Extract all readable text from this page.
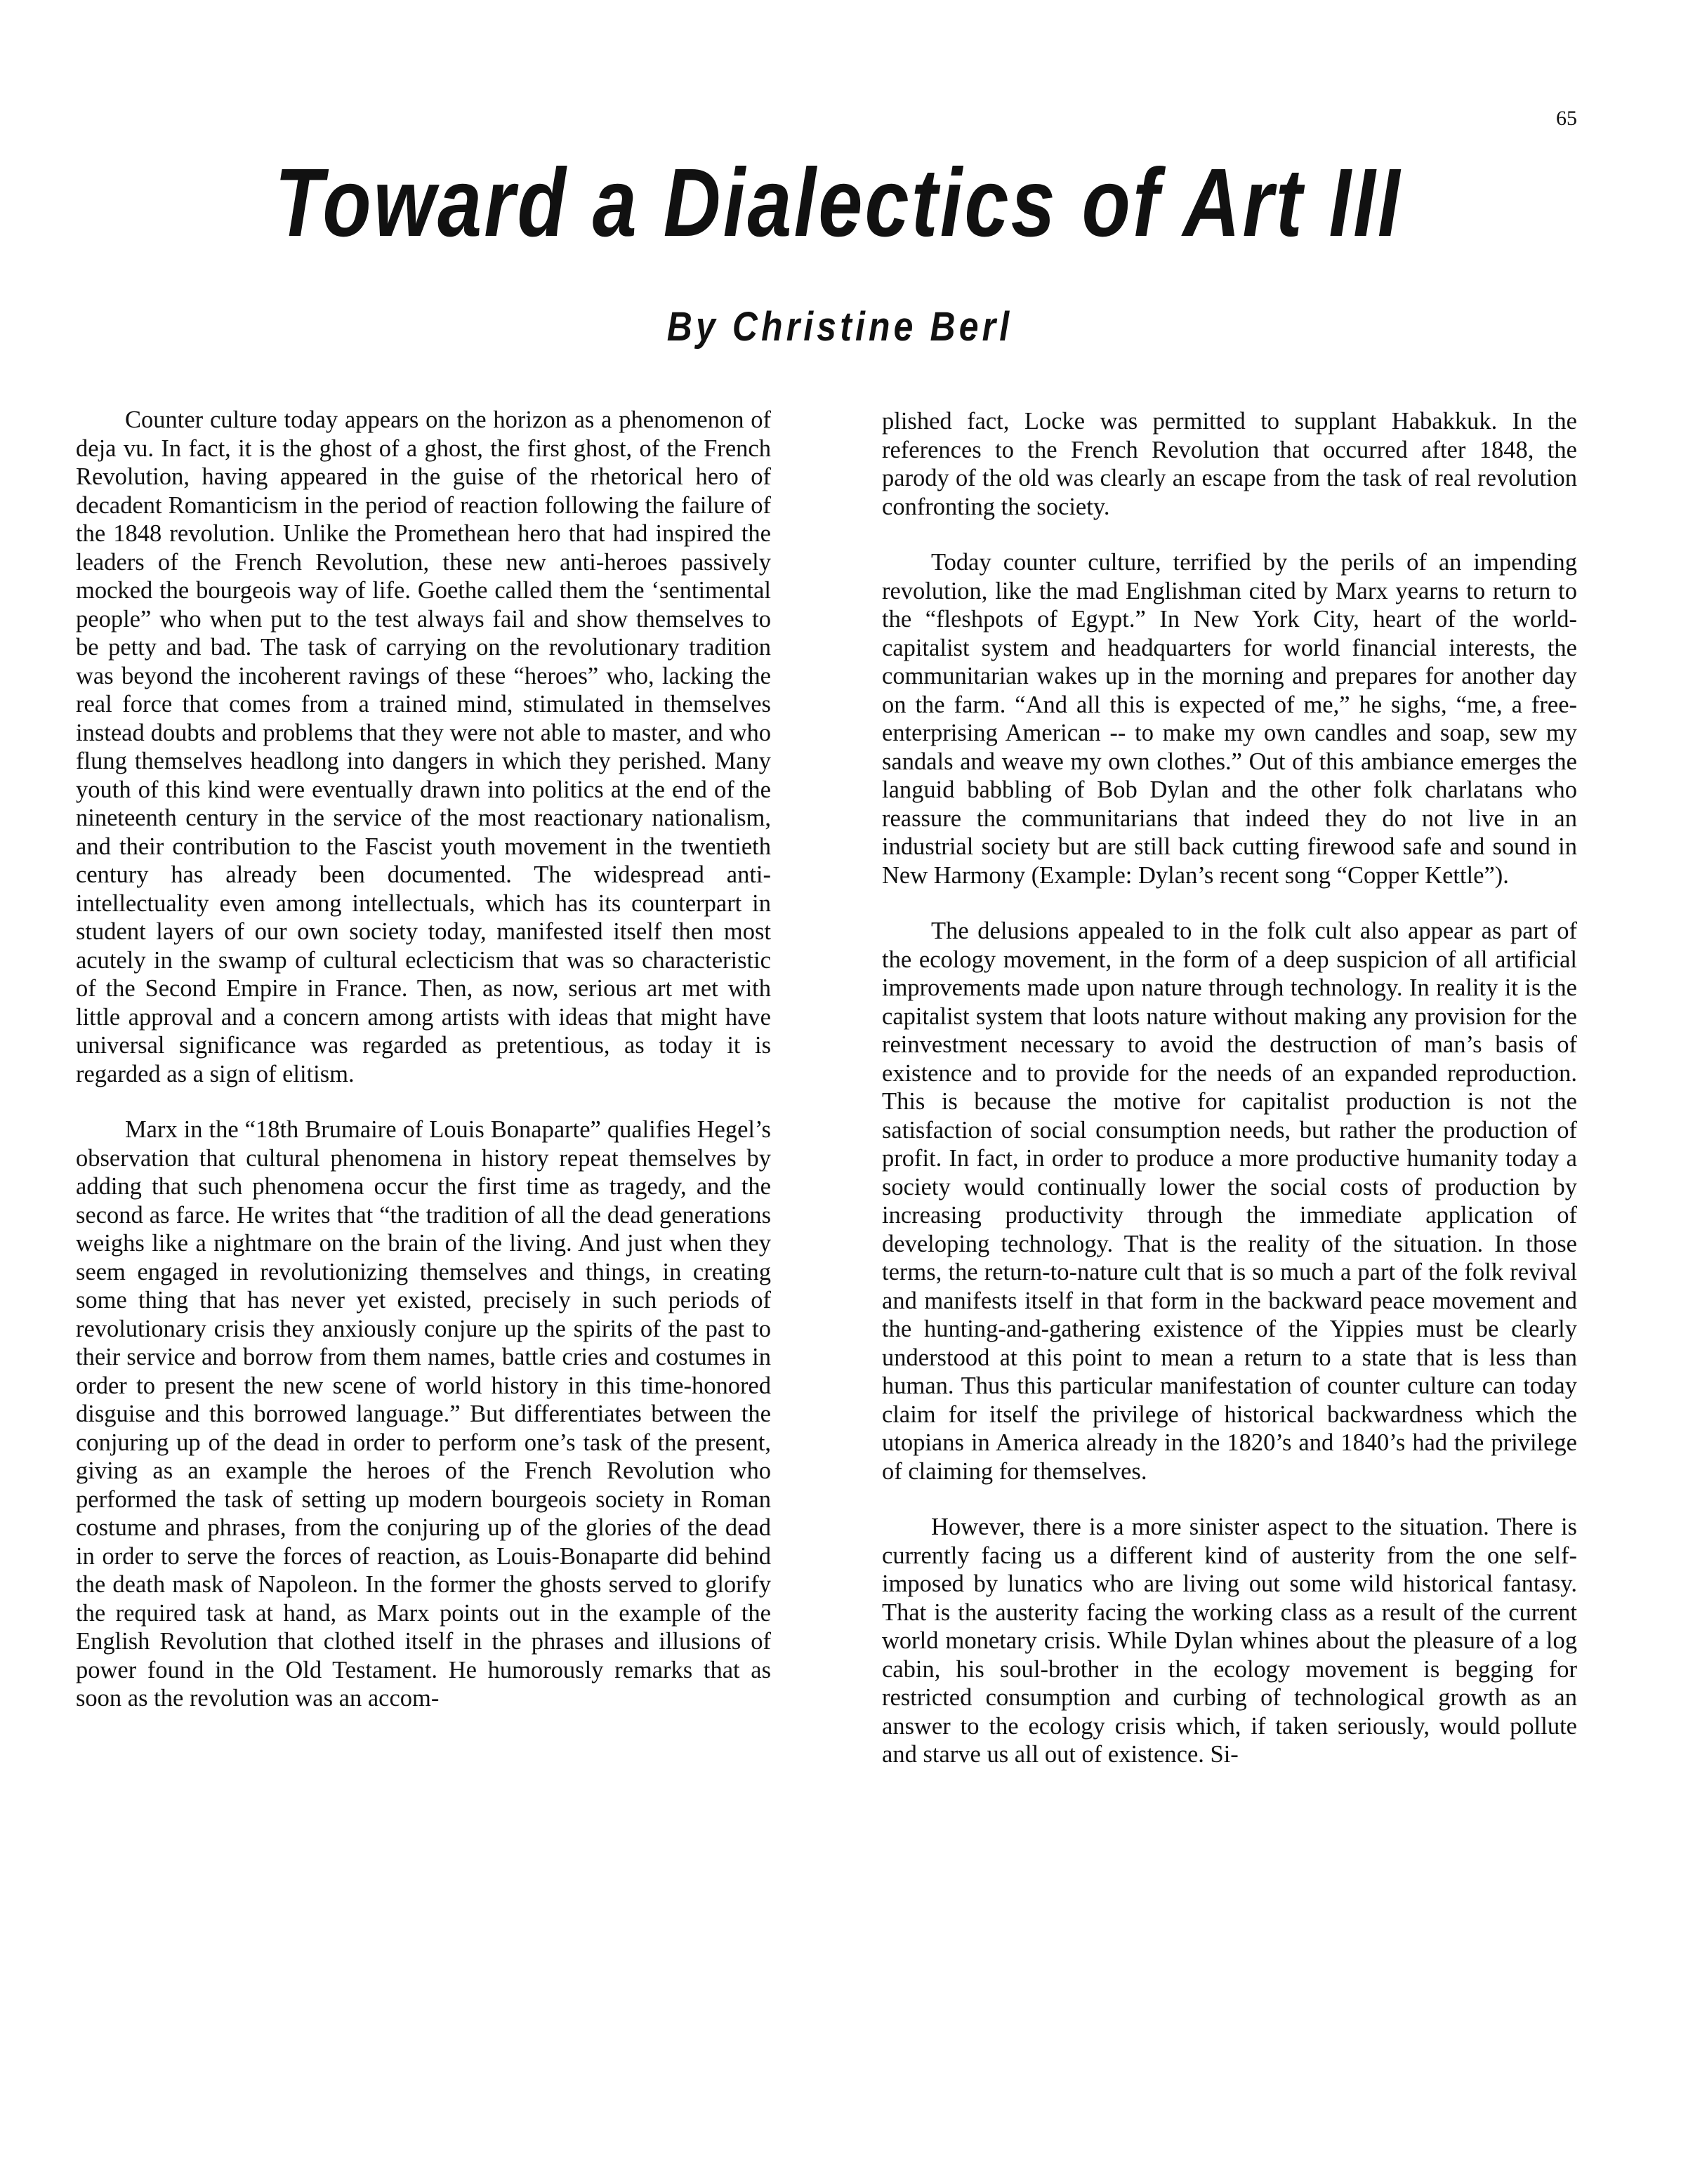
65
Toward a Dialectics of Art III
By Christine Berl

Counter culture today appears on the horizon as a phenomenon of deja vu. In fact, it is the ghost of a ghost, the first ghost, of the French Revolution, having appeared in the guise of the rhetorical hero of decadent Romanticism in the period of reaction following the failure of the 1848 revolution. Unlike the Promethean hero that had inspired the leaders of the French Revolution, these new anti-heroes passively mocked the bourgeois way of life. Goethe called them the ‘sentimental people” who when put to the test always fail and show themselves to be petty and bad. The task of carrying on the revolutionary tradition was beyond the incoherent ravings of these “heroes” who, lacking the real force that comes from a trained mind, stimulated in themselves instead doubts and problems that they were not able to master, and who flung themselves headlong into dangers in which they perished. Many youth of this kind were eventually drawn into politics at the end of the nineteenth century in the service of the most reactionary nationalism, and their contribution to the Fascist youth movement in the twentieth century has already been documented. The widespread anti-intellectuality even among intellectuals, which has its counterpart in student layers of our own society today, manifested itself then most acutely in the swamp of cultural eclecticism that was so characteristic of the Second Empire in France. Then, as now, serious art met with little approval and a concern among artists with ideas that might have universal significance was regarded as pretentious, as today it is regarded as a sign of elitism.

Marx in the “18th Brumaire of Louis Bonaparte” qualifies Hegel’s observation that cultural phenomena in history repeat themselves by adding that such phenomena occur the first time as tragedy, and the second as farce. He writes that “the tradition of all the dead generations weighs like a nightmare on the brain of the living. And just when they seem engaged in revolutionizing themselves and things, in creating some thing that has never yet existed, precisely in such periods of revolutionary crisis they anxiously conjure up the spirits of the past to their service and borrow from them names, battle cries and costumes in order to present the new scene of world history in this time-honored disguise and this borrowed language.” But differentiates between the conjuring up of the dead in order to perform one’s task of the present, giving as an example the heroes of the French Revolution who performed the task of setting up modern bourgeois society in Roman costume and phrases, from the conjuring up of the glories of the dead in order to serve the forces of reaction, as Louis-Bonaparte did behind the death mask of Napoleon. In the former the ghosts served to glorify the required task at hand, as Marx points out in the example of the English Revolution that clothed itself in the phrases and illusions of power found in the Old Testament. He humorously remarks that as soon as the revolution was an accom-

plished fact, Locke was permitted to supplant Habakkuk. In the references to the French Revolution that occurred after 1848, the parody of the old was clearly an escape from the task of real revolution confronting the society.

Today counter culture, terrified by the perils of an impending revolution, like the mad Englishman cited by Marx yearns to return to the “fleshpots of Egypt.” In New York City, heart of the world-capitalist system and headquarters for world financial interests, the communitarian wakes up in the morning and prepares for another day on the farm. “And all this is expected of me,” he sighs, “me, a free-enterprising American -- to make my own candles and soap, sew my sandals and weave my own clothes.” Out of this ambiance emerges the languid babbling of Bob Dylan and the other folk charlatans who reassure the communitarians that indeed they do not live in an industrial society but are still back cutting firewood safe and sound in New Harmony (Example: Dylan’s recent song “Copper Kettle”).

The delusions appealed to in the folk cult also appear as part of the ecology movement, in the form of a deep suspicion of all artificial improvements made upon nature through technology. In reality it is the capitalist system that loots nature without making any provision for the reinvestment necessary to avoid the destruction of man’s basis of existence and to provide for the needs of an expanded reproduction. This is because the motive for capitalist production is not the satisfaction of social consumption needs, but rather the production of profit. In fact, in order to produce a more productive humanity today a society would continually lower the social costs of production by increasing productivity through the immediate application of developing technology. That is the reality of the situation. In those terms, the return-to-nature cult that is so much a part of the folk revival and manifests itself in that form in the backward peace movement and the hunting-and-gathering existence of the Yippies must be clearly understood at this point to mean a return to a state that is less than human. Thus this particular manifestation of counter culture can today claim for itself the privilege of historical backwardness which the utopians in America already in the 1820’s and 1840’s had the privilege of claiming for themselves.

However, there is a more sinister aspect to the situation. There is currently facing us a different kind of austerity from the one self-imposed by lunatics who are living out some wild historical fantasy. That is the austerity facing the working class as a result of the current world monetary crisis. While Dylan whines about the pleasure of a log cabin, his soul-brother in the ecology movement is begging for restricted consumption and curbing of technological growth as an answer to the ecology crisis which, if taken seriously, would pollute and starve us all out of existence. Si-
